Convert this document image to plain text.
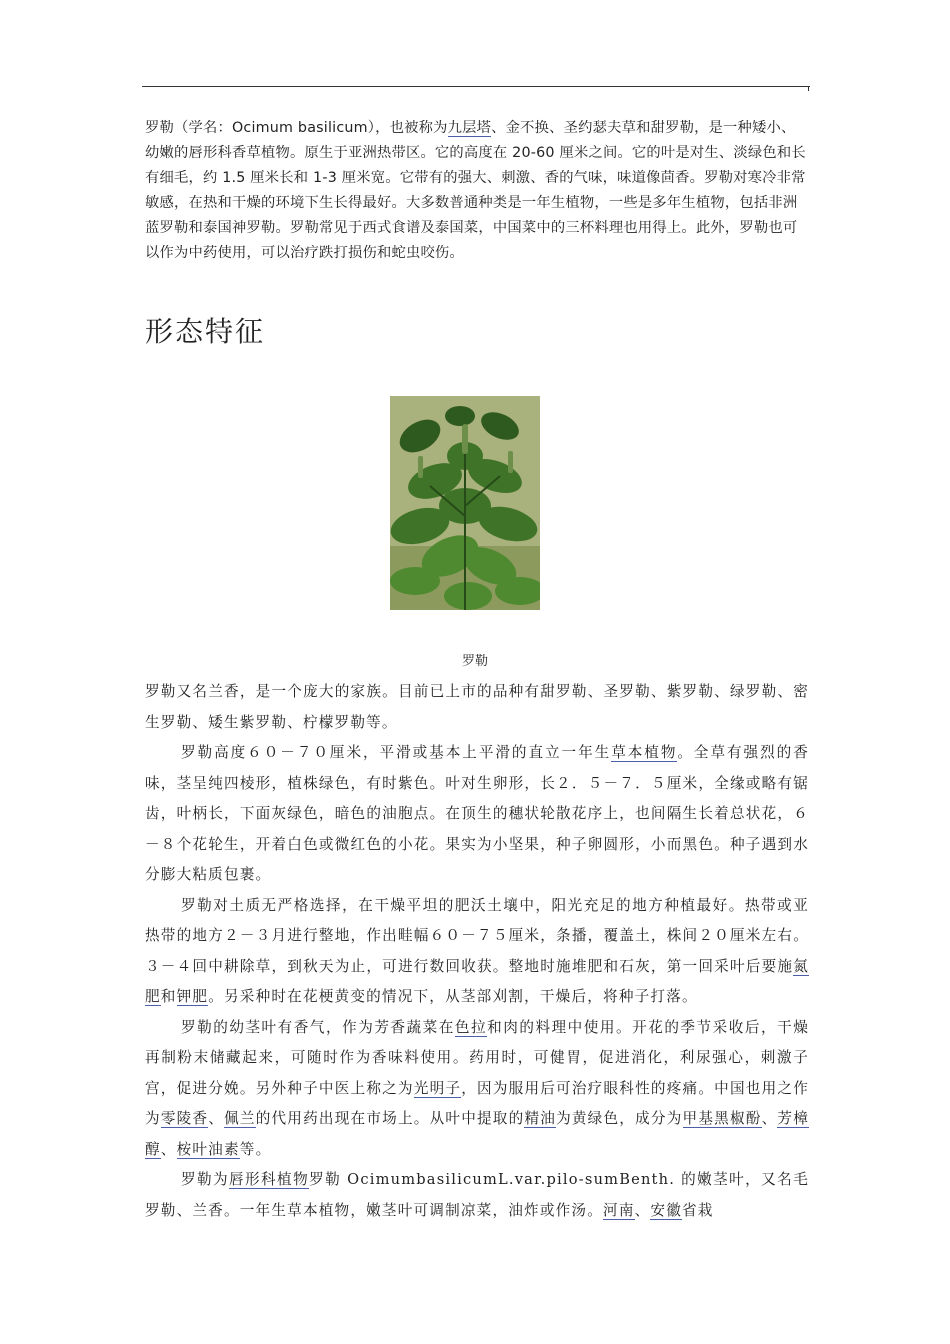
罗勒（学名：Ocimum basilicum），也被称为九层塔、金不换、圣约瑟夫草和甜罗勒，是一种矮小、幼嫩的唇形科香草植物。原生于亚洲热带区。它的高度在 20-60 厘米之间。它的叶是对生、淡绿色和长有细毛，约 1.5 厘米长和 1-3 厘米宽。它带有的强大、刺激、香的气味，味道像茴香。罗勒对寒冷非常敏感，在热和干燥的环境下生长得最好。大多数普通种类是一年生植物，一些是多年生植物，包括非洲蓝罗勒和泰国神罗勒。罗勒常见于西式食谱及泰国菜，中国菜中的三杯料理也用得上。此外，罗勒也可以作为中药使用，可以治疗跌打损伤和蛇虫咬伤。

形态特征

罗勒

罗勒又名兰香，是一个庞大的家族。目前已上市的品种有甜罗勒、圣罗勒、紫罗勒、绿罗勒、密生罗勒、矮生紫罗勒、柠檬罗勒等。

罗勒高度６０－７０厘米，平滑或基本上平滑的直立一年生草本植物。全草有强烈的香味，茎呈纯四棱形，植株绿色，有时紫色。叶对生卵形，长２．５－７．５厘米，全缘或略有锯齿，叶柄长，下面灰绿色，暗色的油胞点。在顶生的穗状轮散花序上，也间隔生长着总状花，６－８个花轮生，开着白色或微红色的小花。果实为小坚果，种子卵圆形，小而黑色。种子遇到水分膨大粘质包裹。

罗勒对土质无严格选择，在干燥平坦的肥沃土壤中，阳光充足的地方种植最好。热带或亚热带的地方２－３月进行整地，作出畦幅６０－７５厘米，条播，覆盖土，株间２０厘米左右。３－４回中耕除草，到秋天为止，可进行数回收获。整地时施堆肥和石灰，第一回采叶后要施氮肥和钾肥。另采种时在花梗黄变的情况下，从茎部刈割，干燥后，将种子打落。

罗勒的幼茎叶有香气，作为芳香蔬菜在色拉和肉的料理中使用。开花的季节采收后，干燥再制粉末储藏起来，可随时作为香味料使用。药用时，可健胃，促进消化，利尿强心，刺激子宫，促进分娩。另外种子中医上称之为光明子，因为服用后可治疗眼科性的疼痛。中国也用之作为零陵香、佩兰的代用药出现在市场上。从叶中提取的精油为黄绿色，成分为甲基黑椒酚、芳樟醇、桉叶油素等。

罗勒为唇形科植物罗勒 OcimumbasilicumL.var.pilo-sumBenth. 的嫩茎叶，又名毛罗勒、兰香。一年生草本植物，嫩茎叶可调制凉菜，油炸或作汤。河南、安徽省栽
